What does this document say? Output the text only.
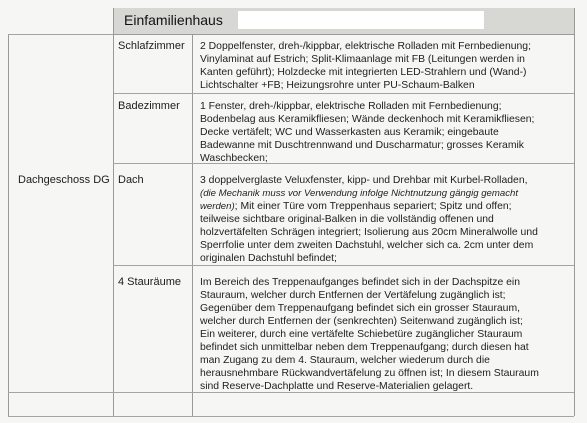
Einfamilienhaus
Dachgeschoss DG
Schlafzimmer 2 Doppelfenster, dreh-/kippbar, elektrische Rolladen mit Fernbedienung;
Vinylaminat auf Estrich; Split-Klimaanlage mit FB (Leitungen werden in
Kanten geführt); Holzdecke mit integrierten LED-Strahlern und (Wand-)
Lichtschalter +FB; Heizungsrohre unter PU-Schaum-Balken
Badezimmer 1 Fenster, dreh-/kippbar, elektrische Rolladen mit Fernbedienung;
Bodenbelag aus Keramikfliesen; Wände deckenhoch mit Keramikfliesen;
Decke vertäfelt; WC und Wasserkasten aus Keramik; eingebaute
Badewanne mit Duschtrennwand und Duscharmatur; grosses Keramik
Waschbecken;
Dach	3 doppelverglaste Veluxfenster, kipp- und Drehbar mit Kurbel-Rolladen,
(die Mechanik muss vor Verwendung infolge Nichtnutzung gängig gemacht
werden); Mit einer Türe vom Treppenhaus separiert; Spitz und offen;
teilweise sichtbare original-Balken in die vollständig offenen und
holzvertäfelten Schrägen integriert; Isolierung aus 20cm Mineralwolle und
Sperrfolie unter dem zweiten Dachstuhl, welcher sich ca. 2cm unter dem
originalen Dachstuhl befindet;
4 Stauräume Im Bereich des Treppenaufganges befindet sich in der Dachspitze ein
Stauraum, welcher durch Entfernen der Vertäfelung zugänglich ist;
Gegenüber dem Treppenaufgang befindet sich ein grosser Stauraum,
welcher durch Entfernen der (senkrechten) Seitenwand zugänglich ist;
Ein weiterer, durch eine vertäfelte Schiebetüre zugänglicher Stauraum
befindet sich unmittelbar neben dem Treppenaufgang; durch diesen hat
man Zugang zu dem 4. Stauraum, welcher wiederum durch die
herausnehmbare Rückwandvertäfelung zu öffnen ist; In diesem Stauraum
sind Reserve-Dachplatte und Reserve-Materialien gelagert.
